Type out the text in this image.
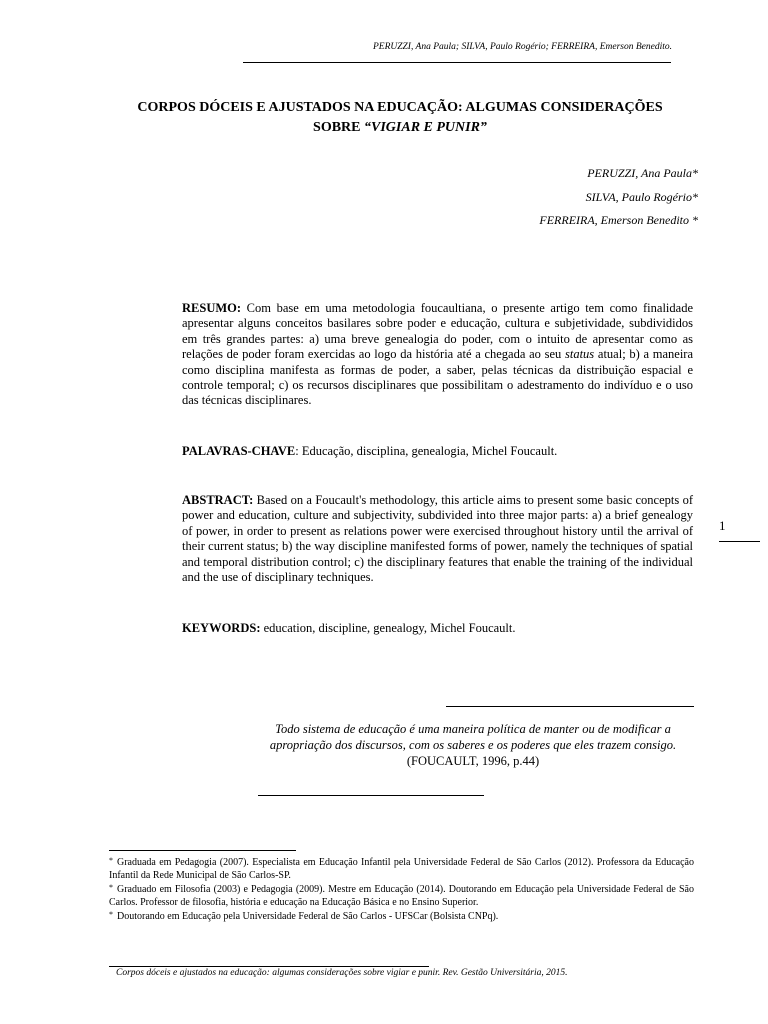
PERUZZI, Ana Paula; SILVA, Paulo Rogério; FERREIRA, Emerson Benedito.
CORPOS DÓCEIS E AJUSTADOS NA EDUCAÇÃO: ALGUMAS CONSIDERAÇÕES
SOBRE “VIGIAR E PUNIR”
PERUZZI, Ana Paula*
SILVA, Paulo Rogério*
FERREIRA, Emerson Benedito *
RESUMO: Com base em uma metodologia foucaultiana, o presente artigo tem como finalidade apresentar alguns conceitos basilares sobre poder e educação, cultura e subjetividade, subdivididos em três grandes partes: a) uma breve genealogia do poder, com o intuito de apresentar como as relações de poder foram exercidas ao logo da história até a chegada ao seu status atual; b) a maneira como disciplina manifesta as formas de poder, a saber, pelas técnicas da distribuição espacial e controle temporal; c) os recursos disciplinares que possibilitam o adestramento do indivíduo e o uso das técnicas disciplinares.
PALAVRAS-CHAVE: Educação, disciplina, genealogia, Michel Foucault.
ABSTRACT: Based on a Foucault's methodology, this article aims to present some basic concepts of power and education, culture and subjectivity, subdivided into three major parts: a) a brief genealogy of power, in order to present as relations power were exercised throughout history until the arrival of their current status; b) the way discipline manifested forms of power, namely the techniques of spatial and temporal distribution control; c) the disciplinary features that enable the training of the individual and the use of disciplinary techniques.
KEYWORDS: education, discipline, genealogy, Michel Foucault.
1
Todo sistema de educação é uma maneira política de manter ou de modificar a apropriação dos discursos, com os saberes e os poderes que eles trazem consigo. (FOUCAULT, 1996, p.44)

* Graduada em Pedagogia (2007). Especialista em Educação Infantil pela Universidade Federal de São Carlos (2012). Professora da Educação Infantil da Rede Municipal de São Carlos-SP.

* Graduado em Filosofia (2003) e Pedagogia (2009). Mestre em Educação (2014). Doutorando em Educação pela Universidade Federal de São Carlos. Professor de filosofia, história e educação na Educação Básica e no Ensino Superior.

* Doutorando em Educação pela Universidade Federal de São Carlos - UFSCar (Bolsista CNPq).

Corpos dóceis e ajustados na educação: algumas considerações sobre vigiar e punir. Rev. Gestão Universitária, 2015.
